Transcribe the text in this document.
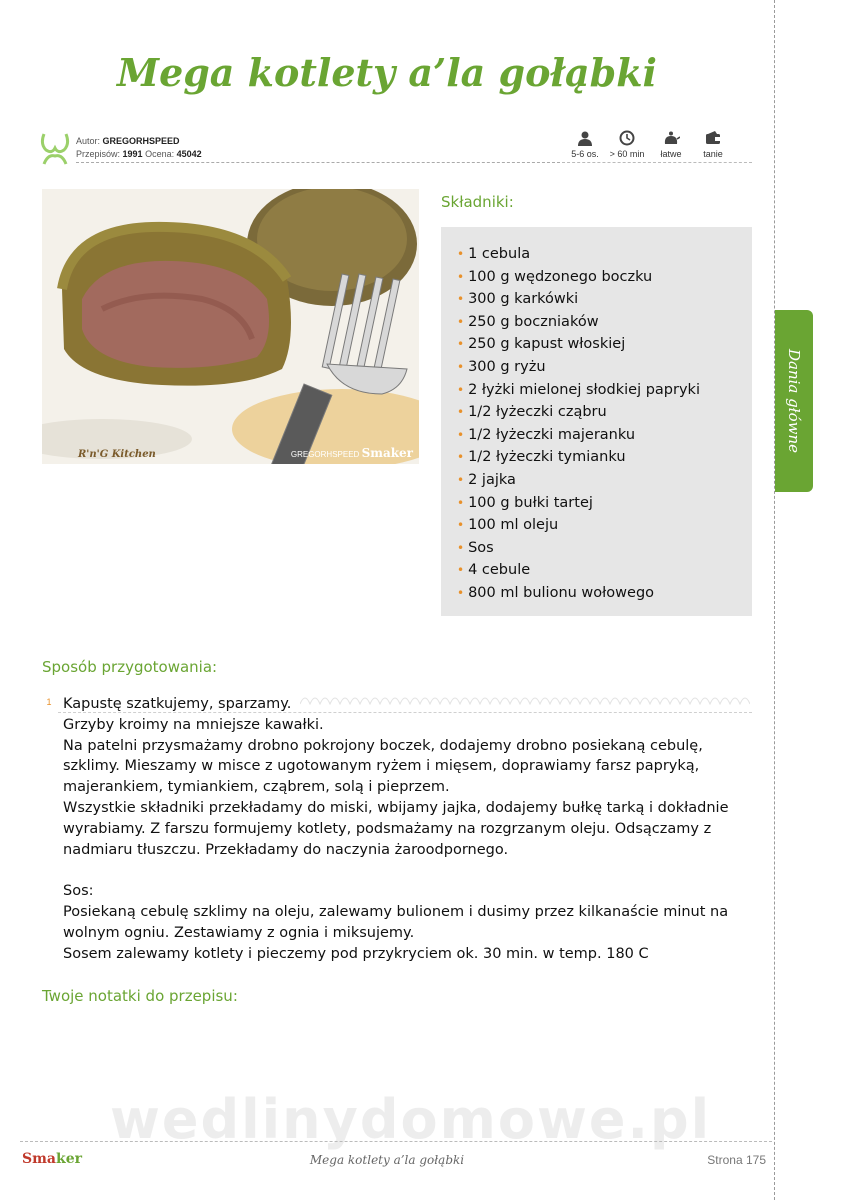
Mega kotlety a’la gołąbki
Autor: GREGORHSPEED
Przepisów: 1991 Ocena: 45042	5-6 os.	> 60 min	łatwe	tanie
R'n'G Kitchen	GREGORHSPEED Smaker
Składniki:
• 1 cebula
• 100 g wędzonego boczku
• 300 g karkówki
• 250 g boczniaków
• 250 g kapust włoskiej
• 300 g ryżu
• 2 łyżki mielonej słodkiej papryki
• 1/2 łyżeczki cząbru
• 1/2 łyżeczki majeranku
• 1/2 łyżeczki tymianku
• 2 jajka
• 100 g bułki tartej
• 100 ml oleju
• Sos
• 4 cebule
• 800 ml bulionu wołowego
Dania główne
Sposób przygotowania:
1 Kapustę szatkujemy, sparzamy.
Grzyby kroimy na mniejsze kawałki.
Na patelni przysmażamy drobno pokrojony boczek, dodajemy drobno posiekaną cebulę,
szklimy. Mieszamy w misce z ugotowanym ryżem i mięsem, doprawiamy farsz papryką,
majerankiem, tymiankiem, cząbrem, solą i pieprzem.
Wszystkie składniki przekładamy do miski, wbijamy jajka, dodajemy bułkę tarką i dokładnie
wyrabiamy. Z farszu formujemy kotlety, podsmażamy na rozgrzanym oleju. Odsączamy z
nadmiaru tłuszczu. Przekładamy do naczynia żaroodpornego.
Sos:
Posiekaną cebulę szklimy na oleju, zalewamy bulionem i dusimy przez kilkanaście minut na
wolnym ogniu. Zestawiamy z ognia i miksujemy.
Sosem zalewamy kotlety i pieczemy pod przykryciem ok. 30 min. w temp. 180 C
Twoje notatki do przepisu:
wedlinydomowe.pl
Smaker	Mega kotlety a’la gołąbki	Strona 175
